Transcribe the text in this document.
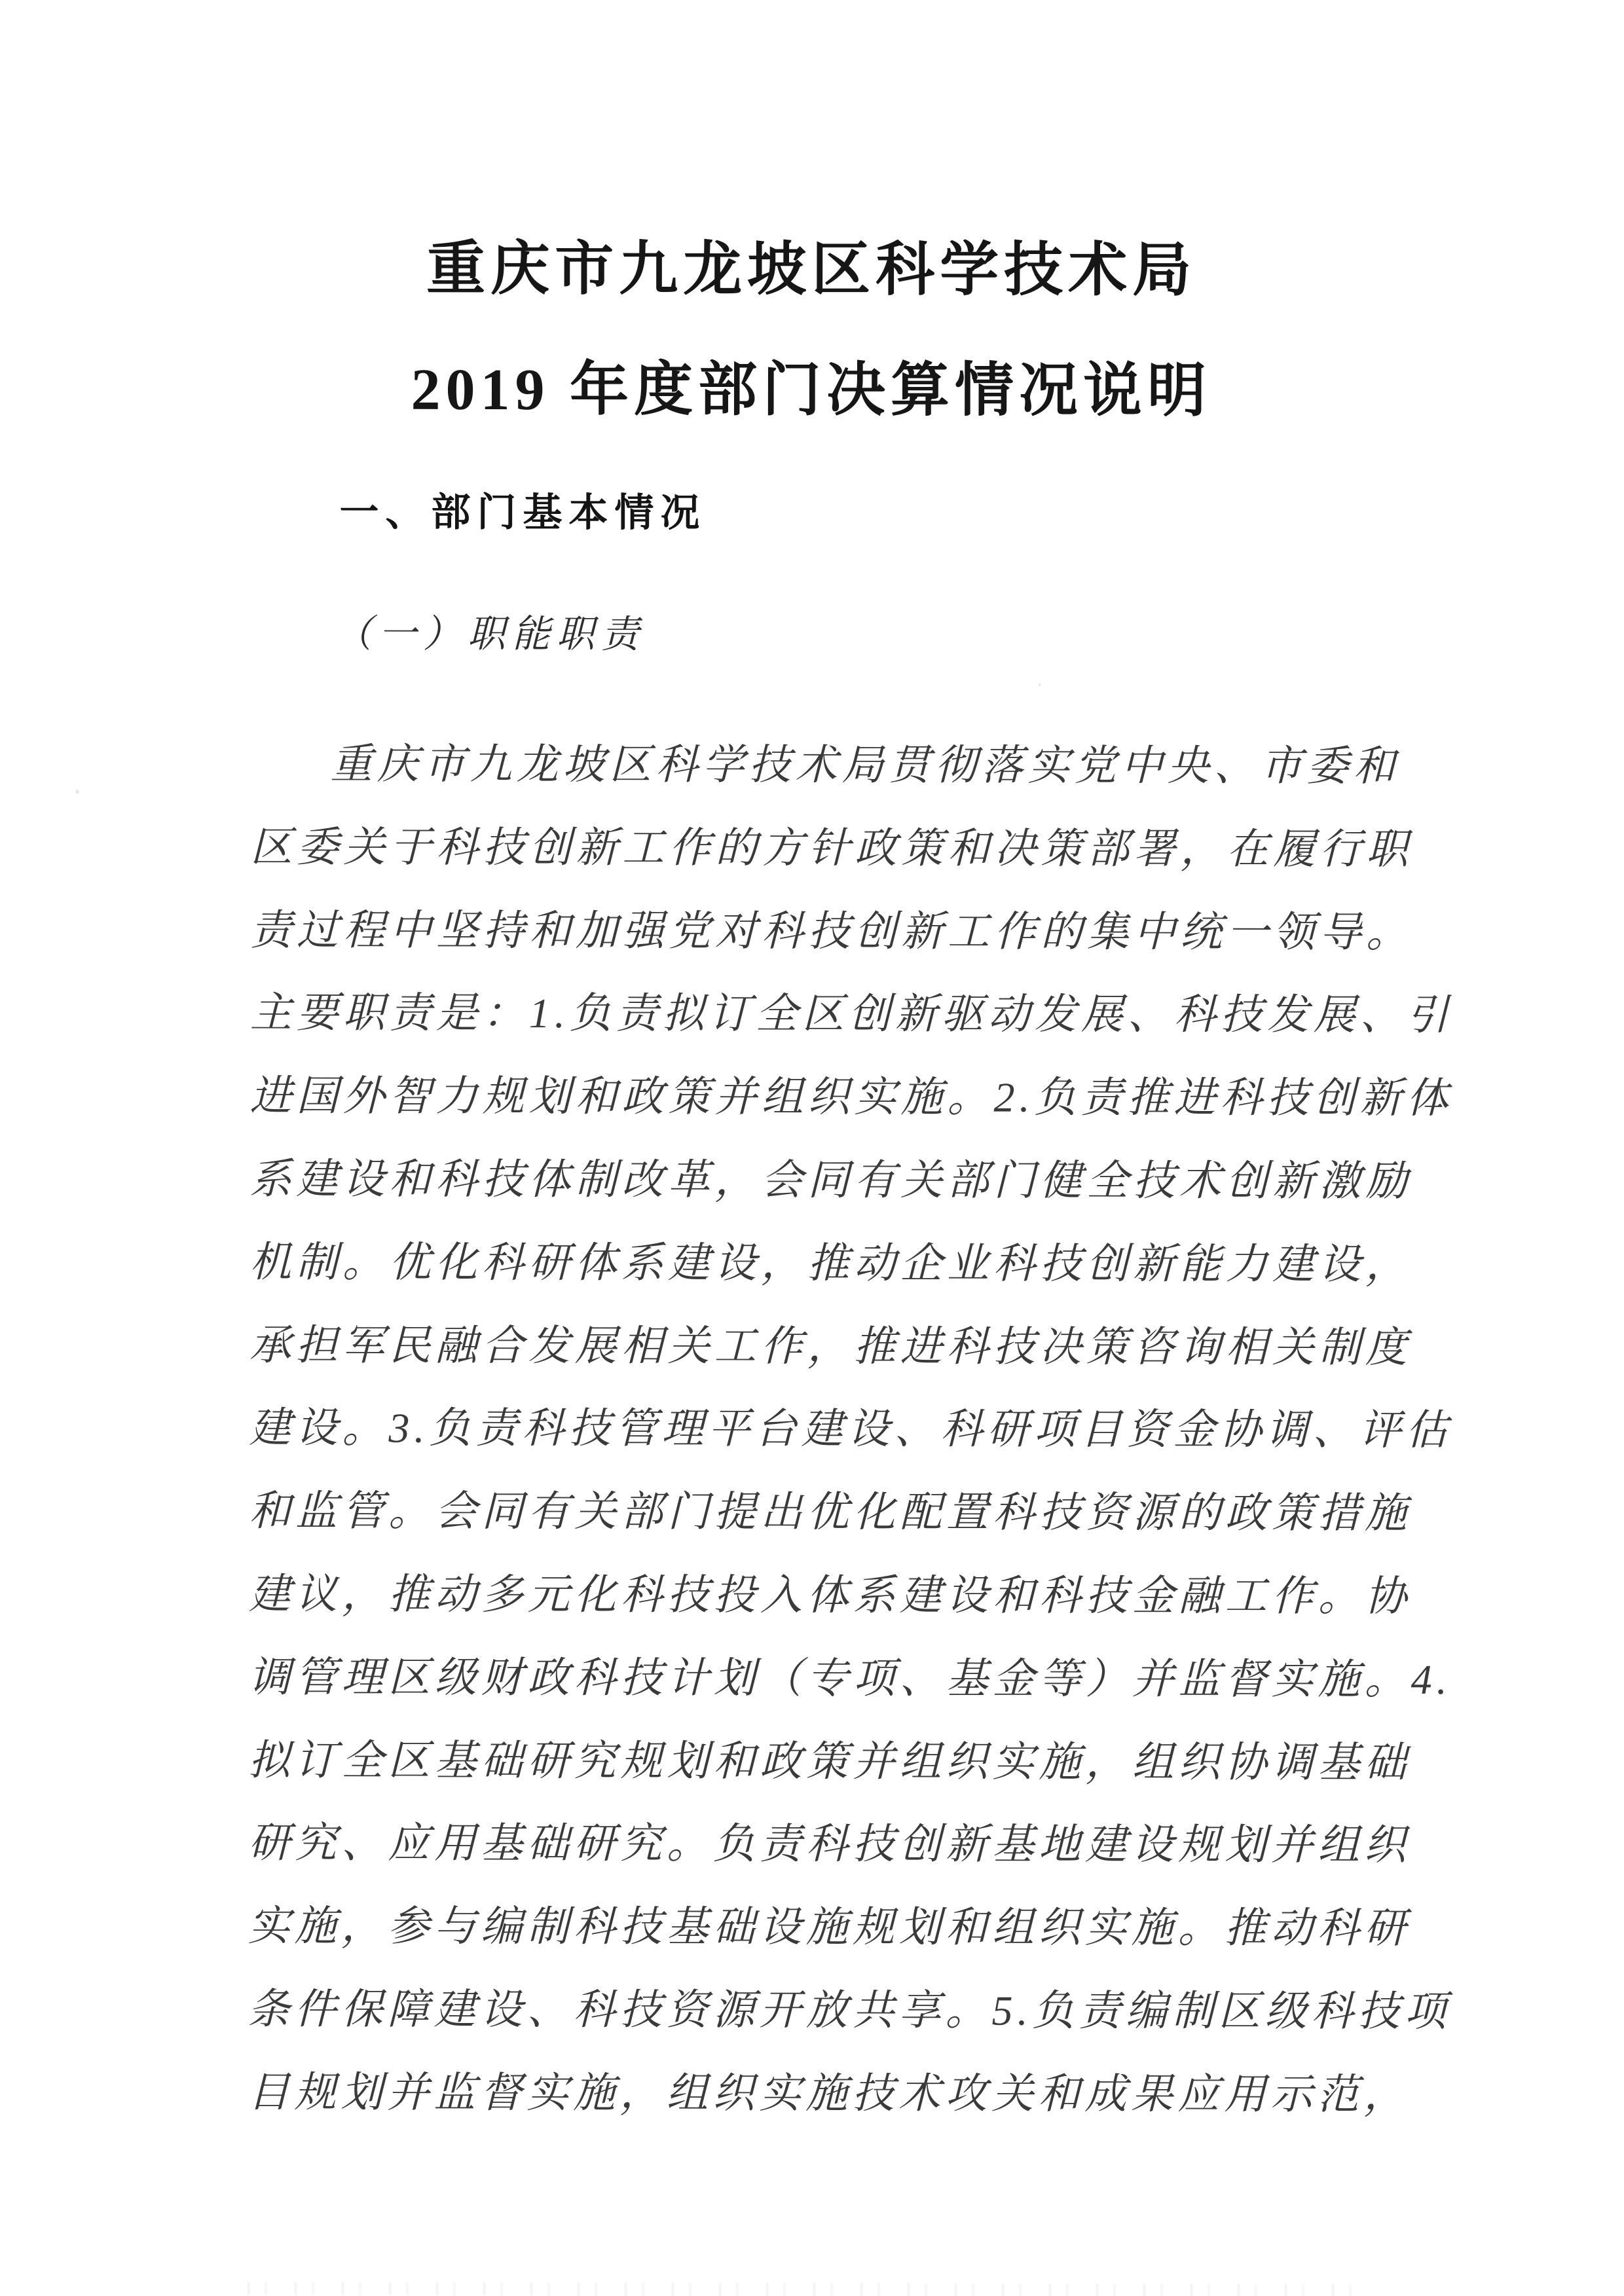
重庆市九龙坡区科学技术局
2019 年度部门决算情况说明
一、部门基本情况
（一）职能职责
重庆市九龙坡区科学技术局贯彻落实党中央、市委和
区委关于科技创新工作的方针政策和决策部署，在履行职
责过程中坚持和加强党对科技创新工作的集中统一领导。
主要职责是：1.负责拟订全区创新驱动发展、科技发展、引
进国外智力规划和政策并组织实施。2.负责推进科技创新体
系建设和科技体制改革，会同有关部门健全技术创新激励
机制。优化科研体系建设，推动企业科技创新能力建设，
承担军民融合发展相关工作，推进科技决策咨询相关制度
建设。3.负责科技管理平台建设、科研项目资金协调、评估
和监管。会同有关部门提出优化配置科技资源的政策措施
建议，推动多元化科技投入体系建设和科技金融工作。协
调管理区级财政科技计划（专项、基金等）并监督实施。4.
拟订全区基础研究规划和政策并组织实施，组织协调基础
研究、应用基础研究。负责科技创新基地建设规划并组织
实施，参与编制科技基础设施规划和组织实施。推动科研
条件保障建设、科技资源开放共享。5.负责编制区级科技项
目规划并监督实施，组织实施技术攻关和成果应用示范，
